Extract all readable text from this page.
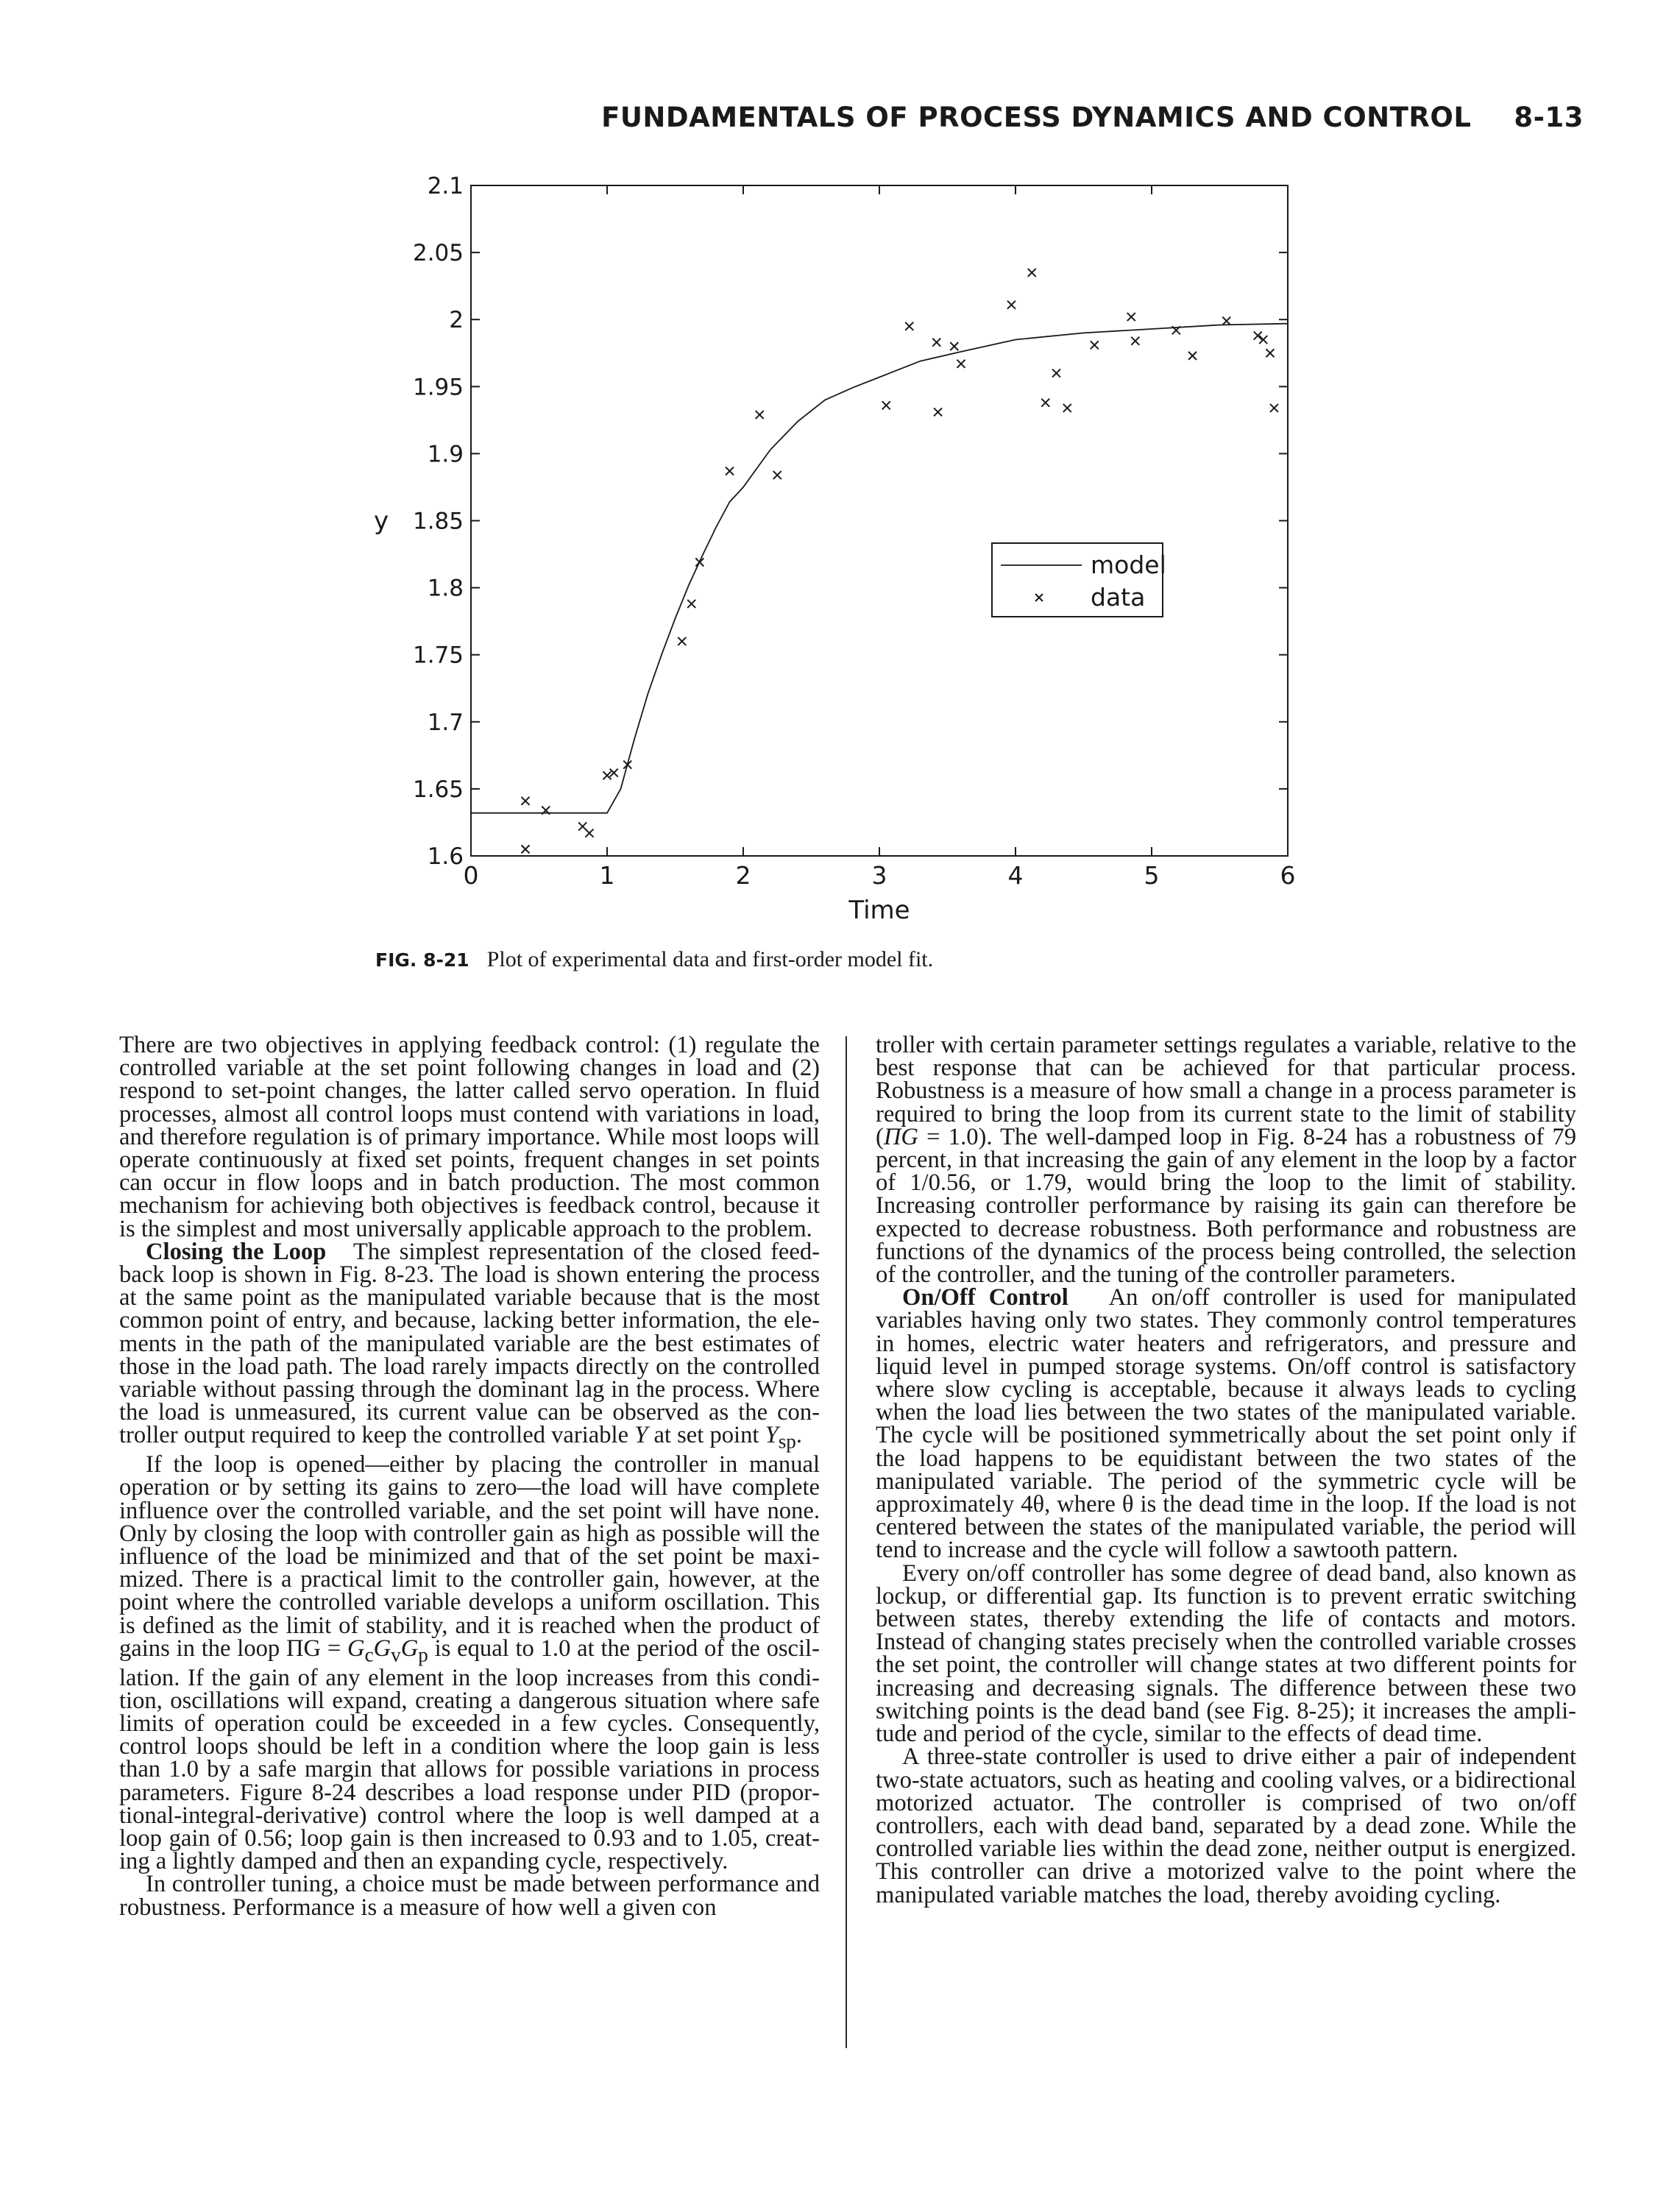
FUNDAMENTALS OF PROCESS DYNAMICS AND CONTROL 8-13
1.6
1.65
1.7
1.75
1.8
1.85
1.9
1.95
2
2.05
2.1
0	1	2	3	4	5	6
y
Time
model
data
FIG. 8-21 Plot of experimental data and first-order model fit.

There are two objectives in applying feedback control: (1) regulate the controlled variable at the set point following changes in load and (2) respond to set-point changes, the latter called servo operation. In fluid processes, almost all control loops must contend with variations in load, and therefore regulation is of primary importance. While most loops will operate continuously at fixed set points, frequent changes in set points can occur in flow loops and in batch production. The most common mechanism for achieving both objectives is feedback control, because it is the simplest and most universally applicable approach to the problem.

Closing the Loop The simplest representation of the closed feedback loop is shown in Fig. 8-23. The load is shown entering the process at the same point as the manipulated variable because that is the most common point of entry, and because, lacking better information, the elements in the path of the manipulated variable are the best estimates of those in the load path. The load rarely impacts directly on the controlled variable without passing through the dominant lag in the process. Where the load is unmeasured, its current value can be observed as the controller output required to keep the controlled variable Y at set point $Y_{sp}$.

If the loop is opened—either by placing the controller in manual operation or by setting its gains to zero—the load will have complete influence over the controlled variable, and the set point will have none. Only by closing the loop with controller gain as high as possible will the influence of the load be minimized and that of the set point be maximized. There is a practical limit to the controller gain, however, at the point where the controlled variable develops a uniform oscillation. This is defined as the limit of stability, and it is reached when the product of gains in the loop $\Pi G = G_cG_vG_p$ is equal to 1.0 at the period of the oscillation. If the gain of any element in the loop increases from this condition, oscillations will expand, creating a dangerous situation where safe limits of operation could be exceeded in a few cycles. Consequently, control loops should be left in a condition where the loop gain is less than 1.0 by a safe margin that allows for possible variations in process parameters. Figure 8-24 describes a load response under PID (proportional-integral-derivative) control where the loop is well damped at a loop gain of 0.56; loop gain is then increased to 0.93 and to 1.05, creating a lightly damped and then an expanding cycle, respectively.

In controller tuning, a choice must be made between performance and robustness. Performance is a measure of how well a given con

troller with certain parameter settings regulates a variable, relative to the best response that can be achieved for that particular process. Robustness is a measure of how small a change in a process parameter is required to bring the loop from its current state to the limit of stability (ΠG = 1.0). The well-damped loop in Fig. 8-24 has a robustness of 79 percent, in that increasing the gain of any element in the loop by a factor of 1/0.56, or 1.79, would bring the loop to the limit of stability. Increasing controller performance by raising its gain can therefore be expected to decrease robustness. Both performance and robustness are functions of the dynamics of the process being controlled, the selection of the controller, and the tuning of the controller parameters.

On/Off Control An on/off controller is used for manipulated variables having only two states. They commonly control temperatures in homes, electric water heaters and refrigerators, and pressure and liquid level in pumped storage systems. On/off control is satisfactory where slow cycling is acceptable, because it always leads to cycling when the load lies between the two states of the manipulated variable. The cycle will be positioned symmetrically about the set point only if the load happens to be equidistant between the two states of the manipulated variable. The period of the symmetric cycle will be approximately 4θ, where θ is the dead time in the loop. If the load is not centered between the states of the manipulated variable, the period will tend to increase and the cycle will follow a sawtooth pattern.

Every on/off controller has some degree of dead band, also known as lockup, or differential gap. Its function is to prevent erratic switching between states, thereby extending the life of contacts and motors. Instead of changing states precisely when the controlled variable crosses the set point, the controller will change states at two different points for increasing and decreasing signals. The difference between these two switching points is the dead band (see Fig. 8-25); it increases the amplitude and period of the cycle, similar to the effects of dead time.

A three-state controller is used to drive either a pair of independent two-state actuators, such as heating and cooling valves, or a bidirectional motorized actuator. The controller is comprised of two on/off controllers, each with dead band, separated by a dead zone. While the controlled variable lies within the dead zone, neither output is energized. This controller can drive a motorized valve to the point where the manipulated variable matches the load, thereby avoiding cycling.
